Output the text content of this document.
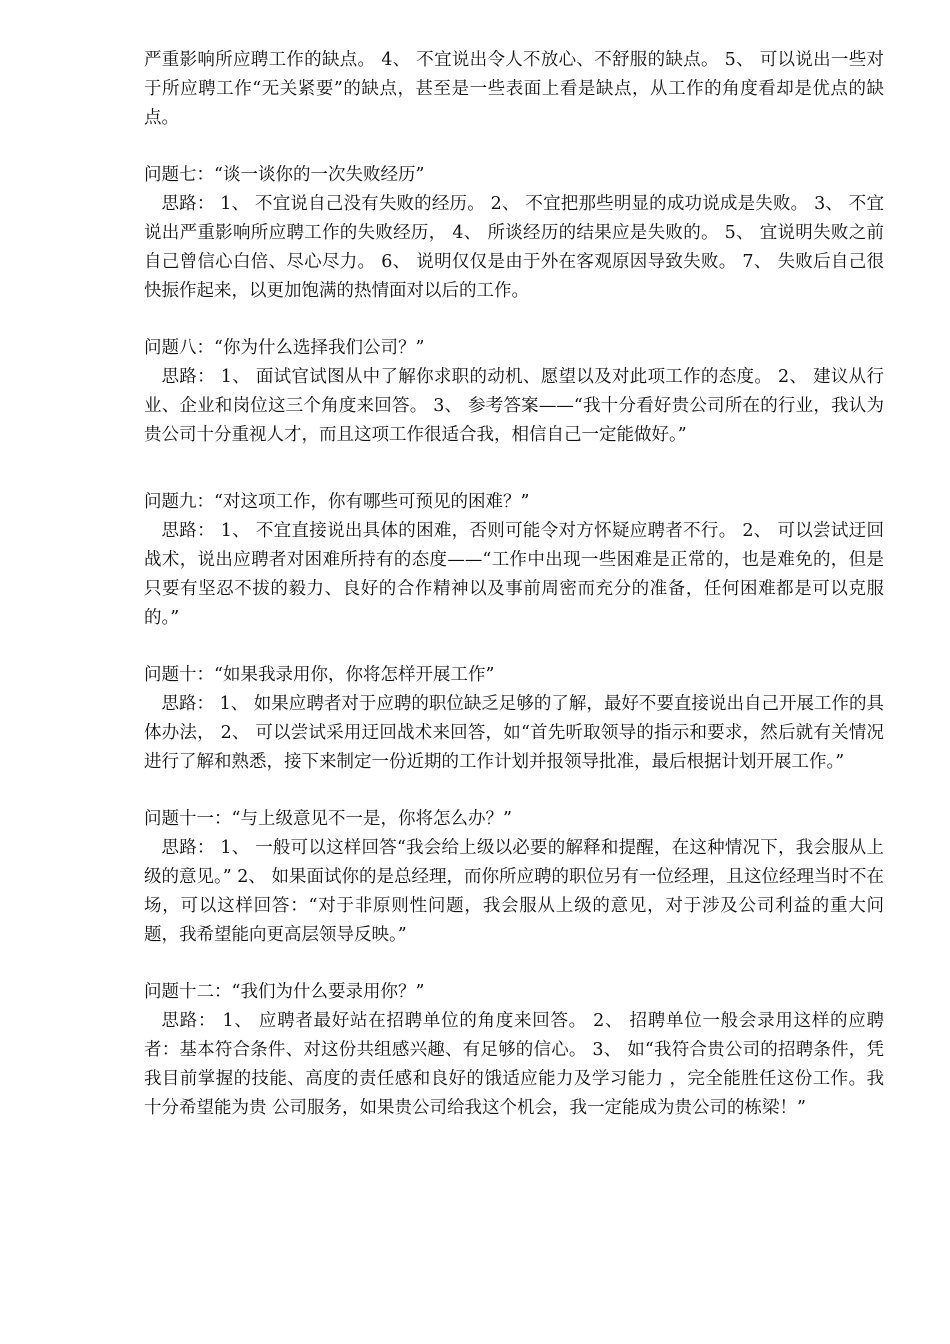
严重影响所应聘工作的缺点。 4、 不宜说出令人不放心、不舒服的缺点。 5、 可以说出一些对于所应聘工作“无关紧要”的缺点，甚至是一些表面上看是缺点，从工作的角度看却是优点的缺点。

问题七：“谈一谈你的一次失败经历”

思路： 1、 不宜说自己没有失败的经历。 2、 不宜把那些明显的成功说成是失败。 3、 不宜说出严重影响所应聘工作的失败经历， 4、 所谈经历的结果应是失败的。 5、 宜说明失败之前自己曾信心白倍、尽心尽力。 6、 说明仅仅是由于外在客观原因导致失败。 7、 失败后自己很快振作起来，以更加饱满的热情面对以后的工作。

问题八：“你为什么选择我们公司？”

思路： 1、 面试官试图从中了解你求职的动机、愿望以及对此项工作的态度。 2、 建议从行业、企业和岗位这三个角度来回答。 3、 参考答案——“我十分看好贵公司所在的行业，我认为贵公司十分重视人才，而且这项工作很适合我，相信自己一定能做好。”

问题九：“对这项工作，你有哪些可预见的困难？”

思路： 1、 不宜直接说出具体的困难，否则可能令对方怀疑应聘者不行。 2、 可以尝试迂回战术，说出应聘者对困难所持有的态度——“工作中出现一些困难是正常的，也是难免的，但是只要有坚忍不拔的毅力、良好的合作精神以及事前周密而充分的准备，任何困难都是可以克服的。”

问题十：“如果我录用你，你将怎样开展工作”

思路： 1、 如果应聘者对于应聘的职位缺乏足够的了解，最好不要直接说出自己开展工作的具体办法， 2、 可以尝试采用迂回战术来回答，如“首先听取领导的指示和要求，然后就有关情况进行了解和熟悉，接下来制定一份近期的工作计划并报领导批准，最后根据计划开展工作。”

问题十一：“与上级意见不一是，你将怎么办？”

思路： 1、 一般可以这样回答“我会给上级以必要的解释和提醒，在这种情况下，我会服从上级的意见。” 2、 如果面试你的是总经理，而你所应聘的职位另有一位经理，且这位经理当时不在场，可以这样回答：“对于非原则性问题，我会服从上级的意见，对于涉及公司利益的重大问题，我希望能向更高层领导反映。”

问题十二：“我们为什么要录用你？”

思路： 1、 应聘者最好站在招聘单位的角度来回答。 2、 招聘单位一般会录用这样的应聘者：基本符合条件、对这份共组感兴趣、有足够的信心。 3、 如“我符合贵公司的招聘条件，凭我目前掌握的技能、高度的责任感和良好的饿适应能力及学习能力 ，完全能胜任这份工作。我十分希望能为贵 公司服务，如果贵公司给我这个机会，我一定能成为贵公司的栋梁！”
